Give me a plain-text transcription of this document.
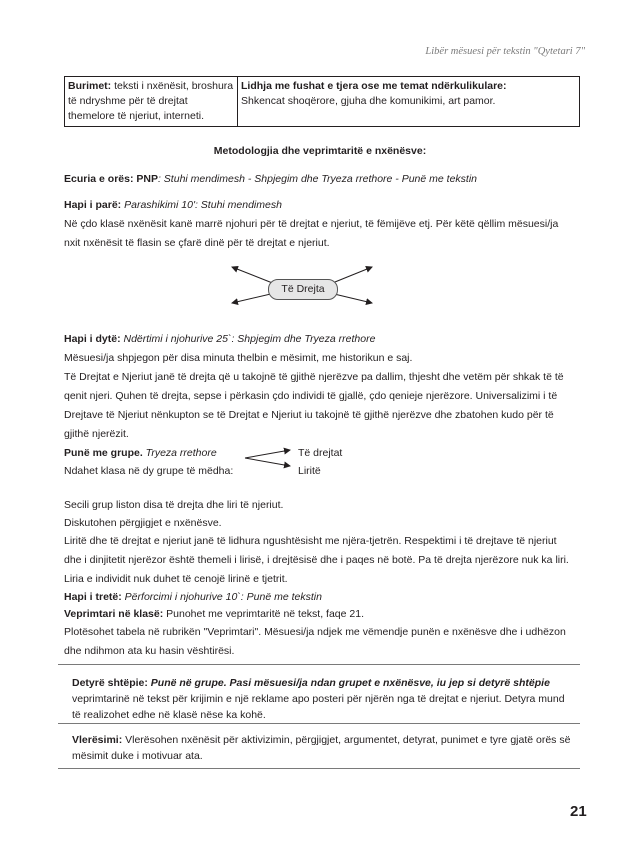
Libër mësuesi për tekstin "Qytetari 7"
Burimet: teksti i nxënësit, broshura të ndryshme për të drejtat themelore të njeriut, interneti.	
Lidhja me fushat e tjera ose me temat ndërkulikulare:
Shkencat shoqërore, gjuha dhe komunikimi, art pamor.

Metodologjia dhe veprimtaritë e nxënësve:

Ecuria e orës: PNP: Stuhi mendimesh - Shpjegim dhe Tryeza rrethore - Punë me tekstin

Hapi i parë: Parashikimi 10': Stuhi mendimesh

Në çdo klasë nxënësit kanë marrë njohuri për të drejtat e njeriut, të fëmijëve etj. Për këtë qëllim mësuesi/ja nxit nxënësit të flasin se çfarë dinë për të drejtat e njeriut.

Të Drejta

Hapi i dytë: Ndërtimi i njohurive 25`: Shpjegim dhe Tryeza rrethore

Mësuesi/ja shpjegon për disa minuta thelbin e mësimit, me historikun e saj.

Të Drejtat e Njeriut janë të drejta që u takojnë të gjithë njerëzve pa dallim, thjesht dhe vetëm për shkak të të qenit njeri. Quhen të drejta, sepse i përkasin çdo individi të gjallë, çdo qenieje njerëzore. Universalizimi i të Drejtave të Njeriut nënkupton se të Drejtat e Njeriut iu takojnë të gjithë njerëzve dhe zbatohen kudo për të gjithë njerëzit.

Punë me grupe. Tryeza rrethore

Ndahet klasa në dy grupe të mëdha:

Të drejtat

Liritë

Secili grup liston disa të drejta dhe liri të njeriut.

Diskutohen përgjigjet e nxënësve.

Liritë dhe të drejtat e njeriut janë të lidhura ngushtësisht me njëra-tjetrën. Respektimi i të drejtave të njeriut dhe i dinjitetit njerëzor është themeli i lirisë, i drejtësisë dhe i paqes në botë. Pa të drejta njerëzore nuk ka liri. Liria e individit nuk duhet të cenojë lirinë e tjetrit.

Hapi i tretë: Përforcimi i njohurive 10`: Punë me tekstin

Veprimtari në klasë: Punohet me veprimtaritë në tekst, faqe 21.

Plotësohet tabela në rubrikën "Veprimtari". Mësuesi/ja ndjek me vëmendje punën e nxënësve dhe i udhëzon dhe ndihmon ata ku hasin vështirësi.

Detyrë shtëpie: Punë në grupe. Pasi mësuesi/ja ndan grupet e nxënësve, iu jep si detyrë shtëpie veprimtarinë në tekst për krijimin e një reklame apo posteri për njërën nga të drejtat e njeriut. Detyra mund të realizohet edhe në klasë nëse ka kohë.
Vlerësimi: Vlerësohen nxënësit për aktivizimin, përgjigjet, argumentet, detyrat, punimet e tyre gjatë orës së mësimit duke i motivuar ata.
21
